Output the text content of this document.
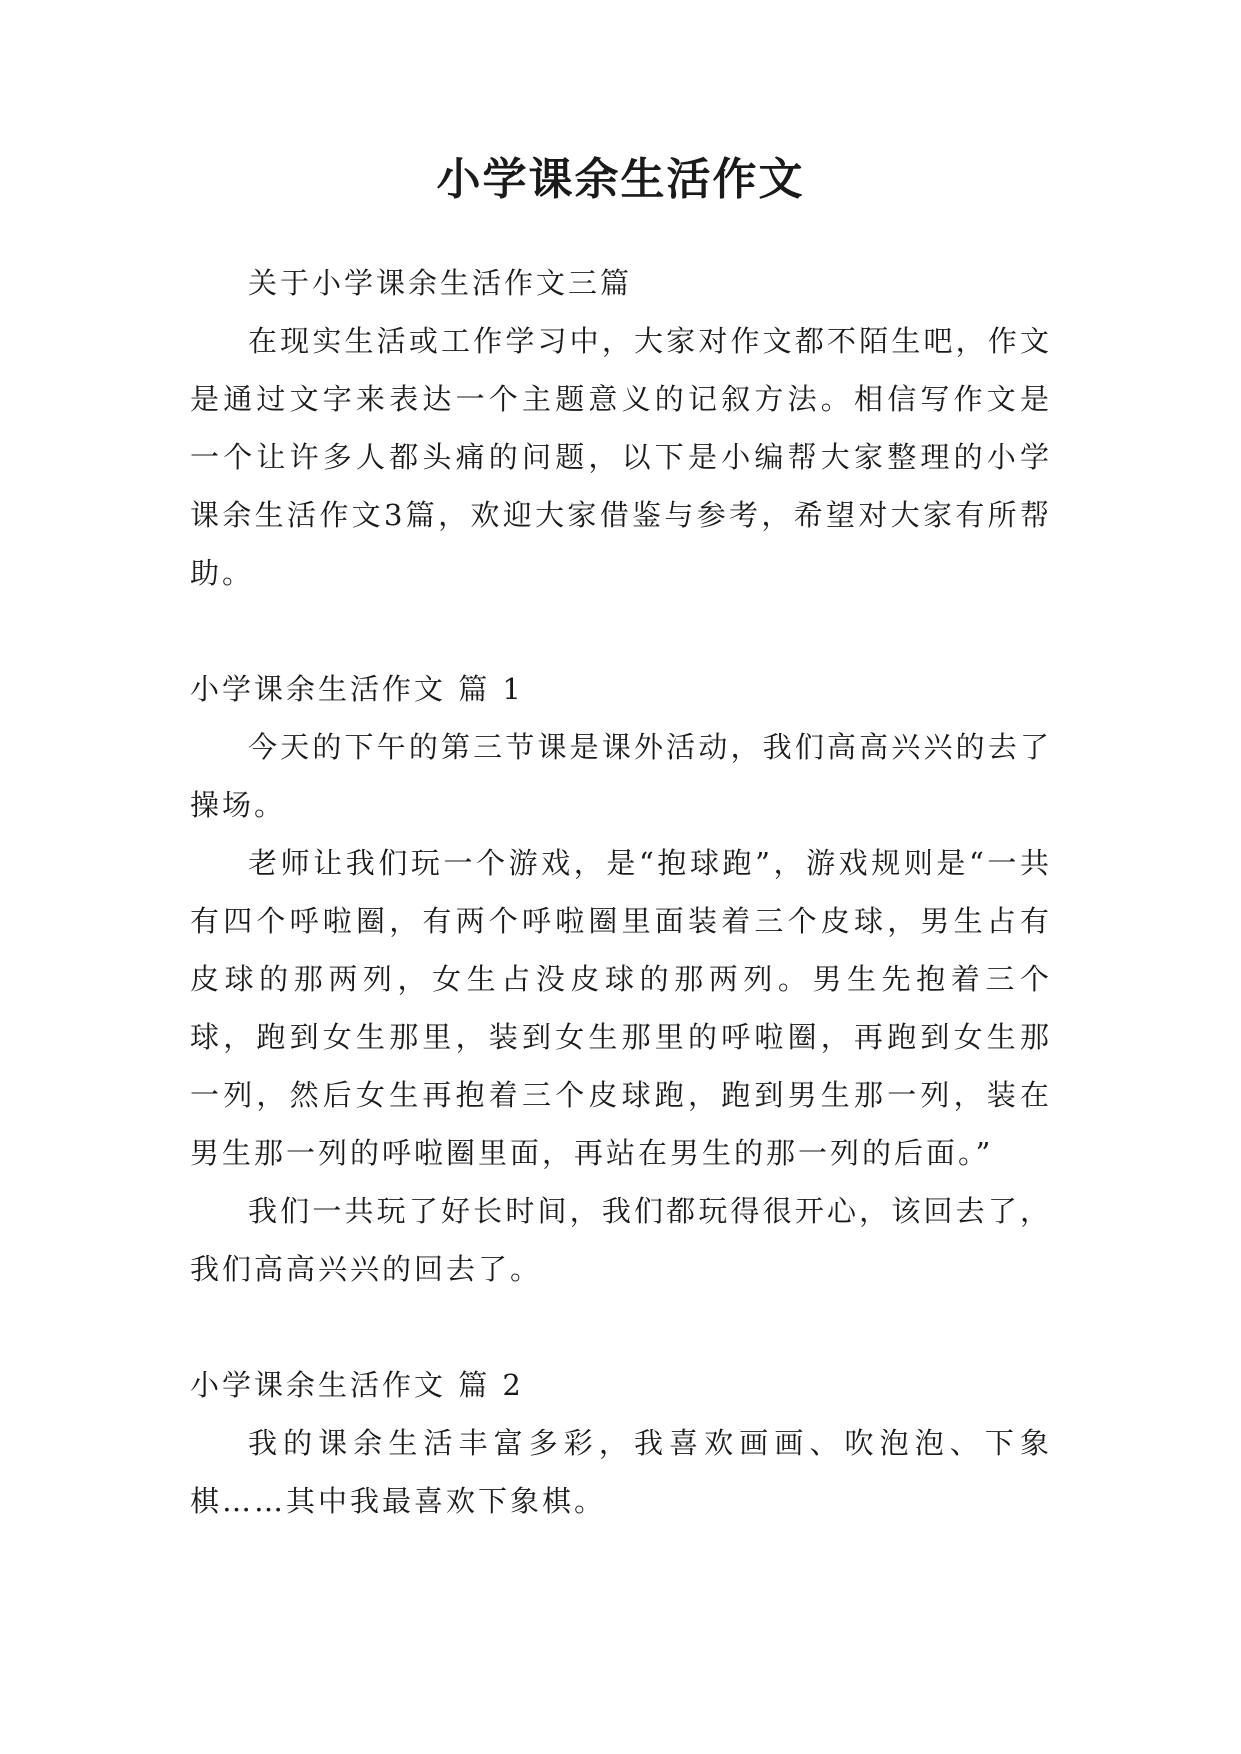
小学课余生活作文

关于小学课余生活作文三篇

在现实生活或工作学习中，大家对作文都不陌生吧，作文是通过文字来表达一个主题意义的记叙方法。相信写作文是一个让许多人都头痛的问题，以下是小编帮大家整理的小学课余生活作文3篇，欢迎大家借鉴与参考，希望对大家有所帮助。

小学课余生活作文 篇 1

今天的下午的第三节课是课外活动，我们高高兴兴的去了操场。

老师让我们玩一个游戏，是“抱球跑”，游戏规则是“一共有四个呼啦圈，有两个呼啦圈里面装着三个皮球，男生占有皮球的那两列，女生占没皮球的那两列。男生先抱着三个球，跑到女生那里，装到女生那里的呼啦圈，再跑到女生那一列，然后女生再抱着三个皮球跑，跑到男生那一列，装在男生那一列的呼啦圈里面，再站在男生的那一列的后面。”

我们一共玩了好长时间，我们都玩得很开心，该回去了，我们高高兴兴的回去了。

小学课余生活作文 篇 2

我的课余生活丰富多彩，我喜欢画画、吹泡泡、下象棋……其中我最喜欢下象棋。
